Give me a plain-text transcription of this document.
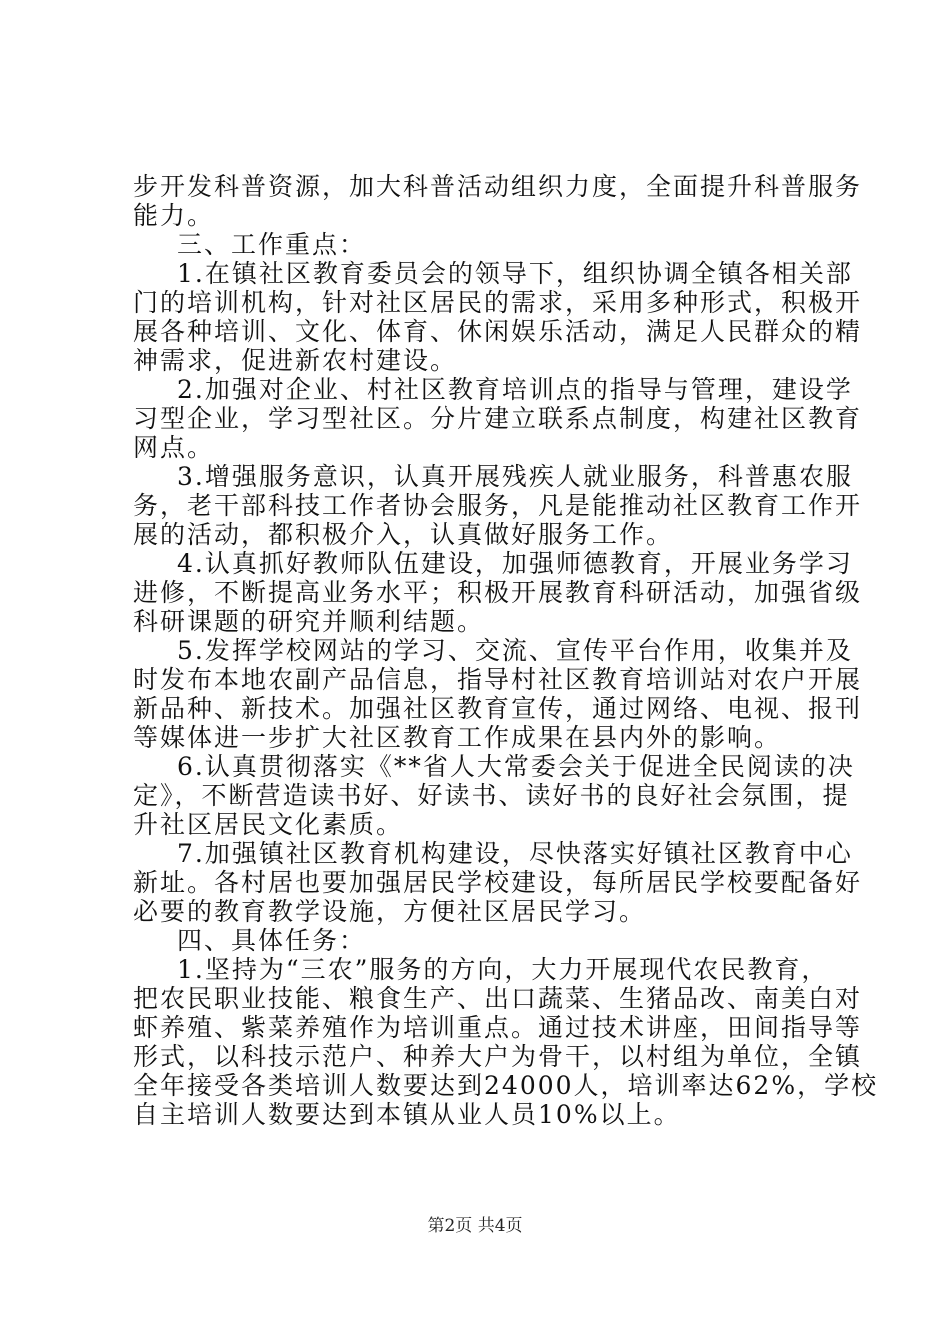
步开发科普资源，加大科普活动组织力度，全面提升科普服务
能力。
三、工作重点：
1.在镇社区教育委员会的领导下，组织协调全镇各相关部
门的培训机构，针对社区居民的需求，采用多种形式，积极开
展各种培训、文化、体育、休闲娱乐活动，满足人民群众的精
神需求，促进新农村建设。
2.加强对企业、村社区教育培训点的指导与管理，建设学
习型企业，学习型社区。分片建立联系点制度，构建社区教育
网点。
3.增强服务意识，认真开展残疾人就业服务，科普惠农服
务，老干部科技工作者协会服务，凡是能推动社区教育工作开
展的活动，都积极介入，认真做好服务工作。
4.认真抓好教师队伍建设，加强师德教育，开展业务学习
进修，不断提高业务水平；积极开展教育科研活动，加强省级
科研课题的研究并顺利结题。
5.发挥学校网站的学习、交流、宣传平台作用，收集并及
时发布本地农副产品信息，指导村社区教育培训站对农户开展
新品种、新技术。加强社区教育宣传，通过网络、电视、报刊
等媒体进一步扩大社区教育工作成果在县内外的影响。
6.认真贯彻落实《**省人大常委会关于促进全民阅读的决
定》，不断营造读书好、好读书、读好书的良好社会氛围，提
升社区居民文化素质。
7.加强镇社区教育机构建设，尽快落实好镇社区教育中心
新址。各村居也要加强居民学校建设，每所居民学校要配备好
必要的教育教学设施，方便社区居民学习。
四、具体任务：
1.坚持为“三农”服务的方向，大力开展现代农民教育，
把农民职业技能、粮食生产、出口蔬菜、生猪品改、南美白对
虾养殖、紫菜养殖作为培训重点。通过技术讲座，田间指导等
形式，以科技示范户、种养大户为骨干，以村组为单位，全镇
全年接受各类培训人数要达到24000人，培训率达62%，学校
自主培训人数要达到本镇从业人员10%以上。
第2页 共4页
